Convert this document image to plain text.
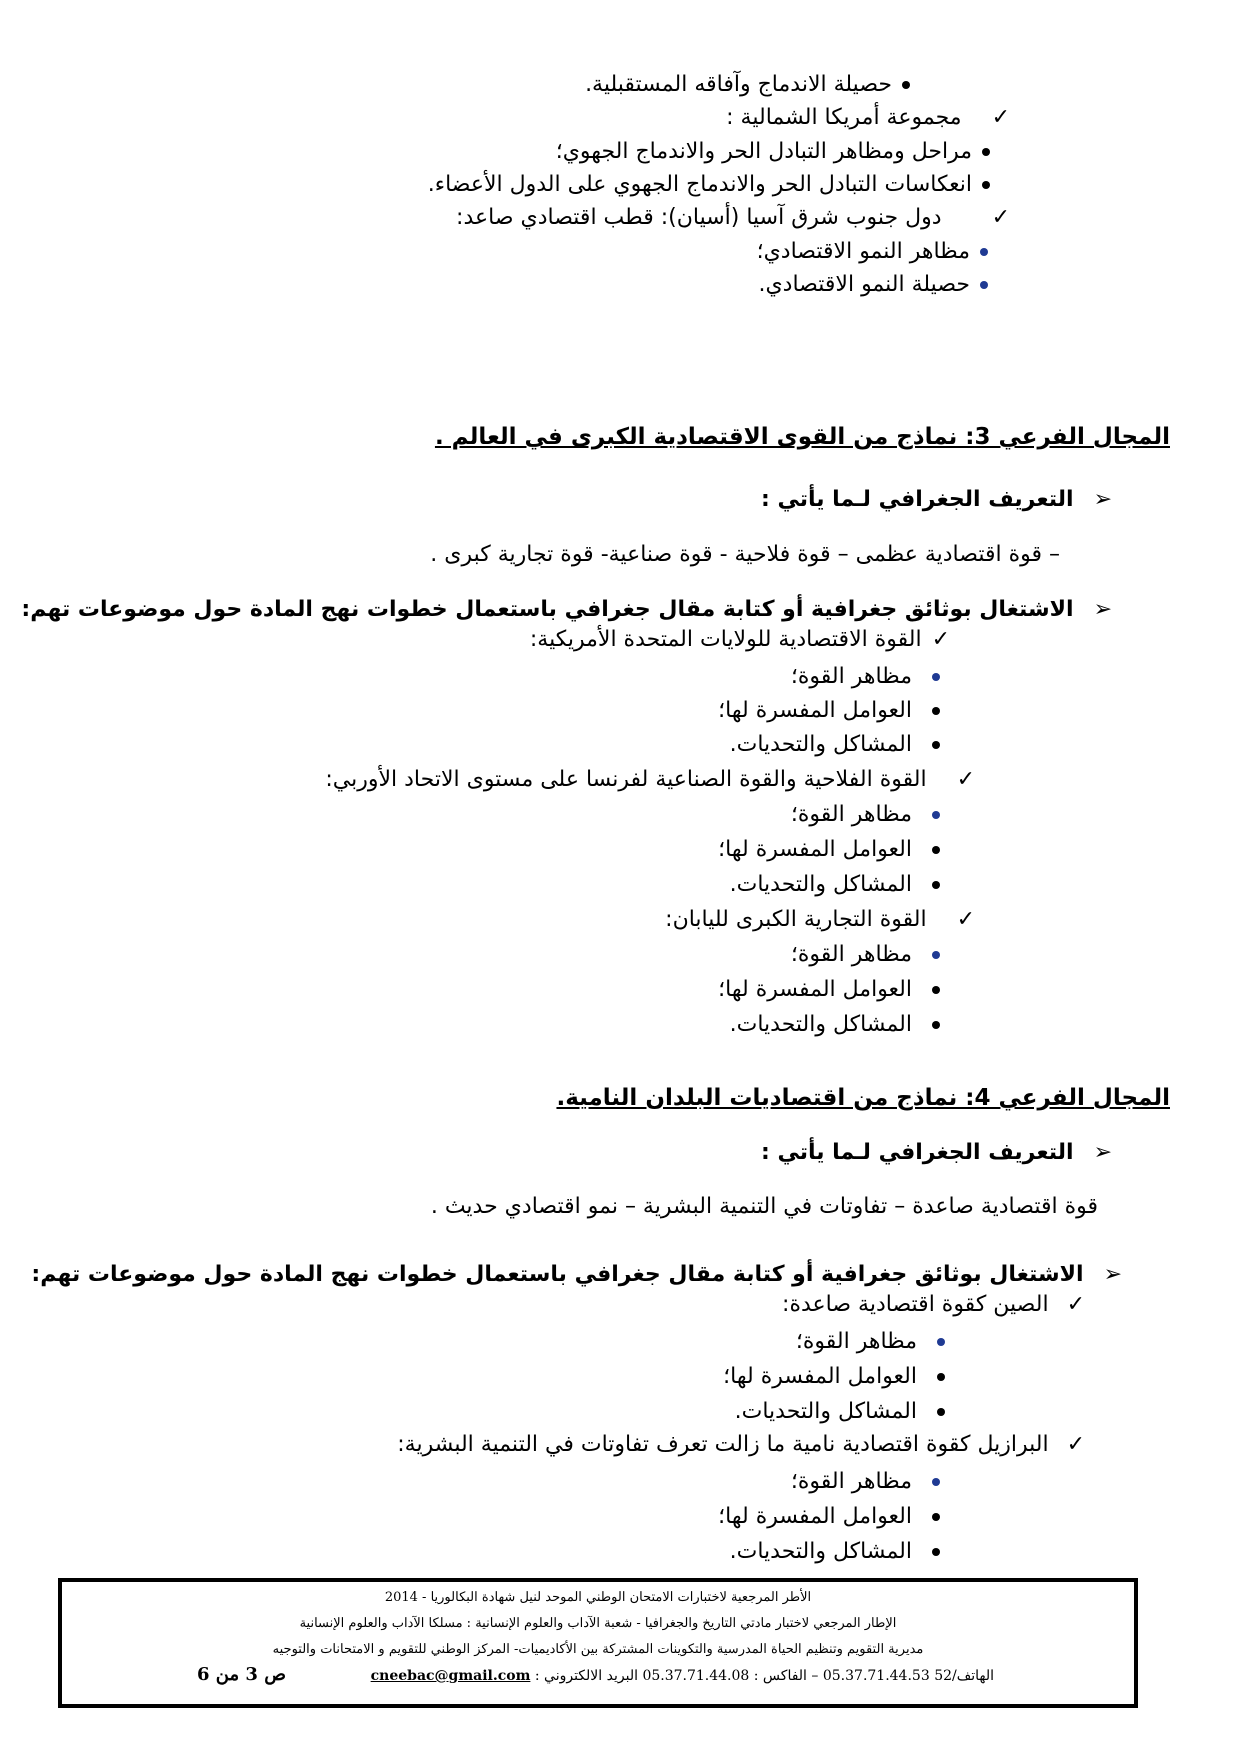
حصيلة الاندماج وآفاقه المستقبلية.
✓
مجموعة أمريكا الشمالية :
مراحل ومظاهر التبادل الحر والاندماج الجهوي؛
انعكاسات التبادل الحر والاندماج الجهوي على الدول الأعضاء.
✓
دول جنوب شرق آسيا (أسيان): قطب اقتصادي صاعد:
مظاهر النمو الاقتصادي؛
حصيلة النمو الاقتصادي.
المجال الفرعي 3: نماذج من القوى الاقتصادية الكبرى في العالم .
➢
التعريف الجغرافي لـما يأتي :
– قوة اقتصادية عظمى – قوة فلاحية - قوة صناعية- قوة تجارية كبرى .
➢
الاشتغال بوثائق جغرافية أو كتابة مقال جغرافي باستعمال خطوات نهج المادة حول موضوعات تهم:
✓
القوة الاقتصادية للولايات المتحدة الأمريكية:
مظاهر القوة؛
العوامل المفسرة لها؛
المشاكل والتحديات.
✓
القوة الفلاحية والقوة الصناعية لفرنسا على مستوى الاتحاد الأوربي:
مظاهر القوة؛
العوامل المفسرة لها؛
المشاكل والتحديات.
✓
القوة التجارية الكبرى لليابان:
مظاهر القوة؛
العوامل المفسرة لها؛
المشاكل والتحديات.
المجال الفرعي 4: نماذج من اقتصاديات البلدان النامية.
➢
التعريف الجغرافي لـما يأتي :
قوة اقتصادية صاعدة – تفاوتات في التنمية البشرية – نمو اقتصادي حديث .
➢
الاشتغال بوثائق جغرافية أو كتابة مقال جغرافي باستعمال خطوات نهج المادة حول موضوعات تهم:
✓
الصين كقوة اقتصادية صاعدة:
مظاهر القوة؛
العوامل المفسرة لها؛
المشاكل والتحديات.
✓
البرازيل كقوة اقتصادية نامية ما زالت تعرف تفاوتات في التنمية البشرية:
مظاهر القوة؛
العوامل المفسرة لها؛
المشاكل والتحديات.
الأطر المرجعية لاختبارات الامتحان الوطني الموحد لنيل شهادة البكالوريا - 2014
الإطار المرجعي لاختبار مادتي التاريخ والجغرافيا - شعبة الآداب والعلوم الإنسانية : مسلكا الآداب والعلوم الإنسانية
مديرية التقويم وتنظيم الحياة المدرسية والتكوينات المشتركة بين الأكاديميات- المركز الوطني للتقويم و الامتحانات والتوجيه
الهاتف/52 05.37.71.44.53 – الفاكس : 05.37.71.44.08 البريد الالكتروني : cneebac@gmail.com
ص 3 من 6
